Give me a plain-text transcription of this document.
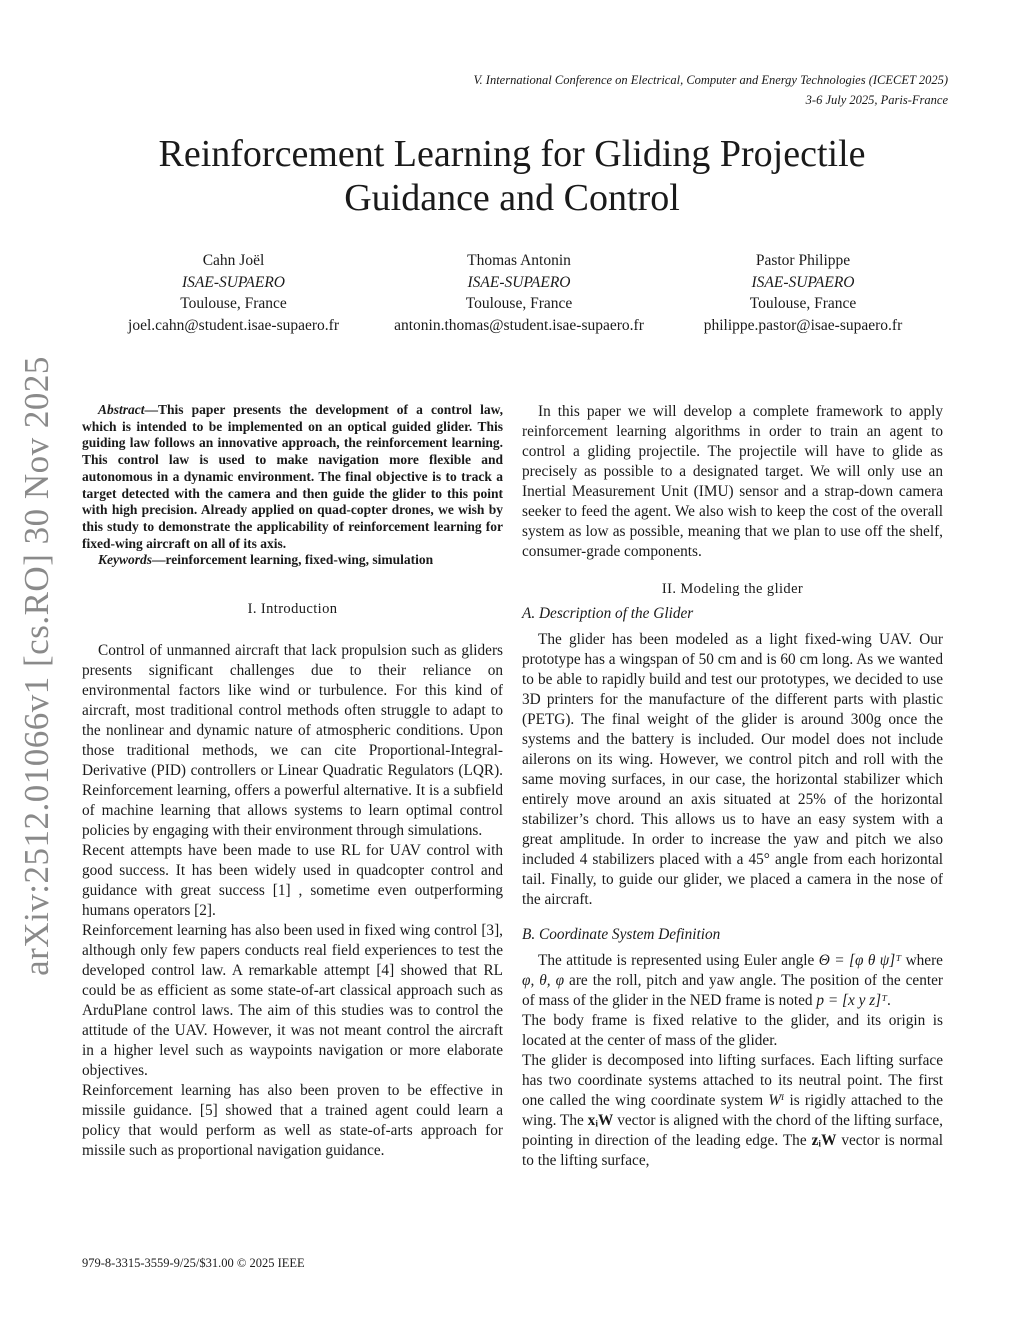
V. International Conference on Electrical, Computer and Energy Technologies (ICECET 2025)
3-6 July 2025, Paris-France
Reinforcement Learning for Gliding Projectile
Guidance and Control
Cahn Joël
ISAE-SUPAERO
Toulouse, France
joel.cahn@student.isae-supaero.fr
Thomas Antonin
ISAE-SUPAERO
Toulouse, France
antonin.thomas@student.isae-supaero.fr
Pastor Philippe
ISAE-SUPAERO
Toulouse, France
philippe.pastor@isae-supaero.fr
arXiv:2512.01066v1 [cs.RO] 30 Nov 2025	Abstract—This paper presents the development of a control law, which is intended to be implemented on an optical guided glider. This guiding law follows an innovative approach, the reinforcement learning. This control law is used to make navigation more flexible and autonomous in a dynamic environment. The final objective is to track a target detected with the camera and then guide the glider to this point with high precision. Already applied on quad-copter drones, we wish by this study to demonstrate the applicability of reinforcement learning for fixed-wing aircraft on all of its axis.

Keywords—reinforcement learning, fixed-wing, simulation

I. Introduction

Control of unmanned aircraft that lack propulsion such as gliders presents significant challenges due to their reliance on environmental factors like wind or turbulence. For this kind of aircraft, most traditional control methods often struggle to adapt to the nonlinear and dynamic nature of atmospheric conditions. Upon those traditional methods, we can cite Proportional-Integral-Derivative (PID) controllers or Linear Quadratic Regulators (LQR). Reinforcement learning, offers a powerful alternative. It is a subfield of machine learning that allows systems to learn optimal control policies by engaging with their environment through simulations.

Recent attempts have been made to use RL for UAV control with good success. It has been widely used in quadcopter control and guidance with great success [1] , sometime even outperforming humans operators [2].

Reinforcement learning has also been used in fixed wing control [3], although only few papers conducts real field experiences to test the developed control law. A remarkable attempt [4] showed that RL could be as efficient as some state-of-art classical approach such as ArduPlane control laws. The aim of this studies was to control the attitude of the UAV. However, it was not meant control the aircraft in a higher level such as waypoints navigation or more elaborate objectives.

Reinforcement learning has also been proven to be effective in missile guidance. [5] showed that a trained agent could learn a policy that would perform as well as state-of-arts approach for missile such as proportional navigation guidance.

In this paper we will develop a complete framework to apply reinforcement learning algorithms in order to train an agent to control a gliding projectile. The projectile will have to glide as precisely as possible to a designated target. We will only use an Inertial Measurement Unit (IMU) sensor and a strap-down camera seeker to feed the agent. We also wish to keep the cost of the overall system as low as possible, meaning that we plan to use off the shelf, consumer-grade components.

II. Modeling the glider
A. Description of the Glider

The glider has been modeled as a light fixed-wing UAV. Our prototype has a wingspan of 50 cm and is 60 cm long. As we wanted to be able to rapidly build and test our prototypes, we decided to use 3D printers for the manufacture of the different parts with plastic (PETG). The final weight of the glider is around 300g once the systems and the battery is included. Our model does not include ailerons on its wing. However, we control pitch and roll with the same moving surfaces, in our case, the horizontal stabilizer which entirely move around an axis situated at 25% of the horizontal stabilizer’s chord. This allows us to have an easy system with a great amplitude. In order to increase the yaw and pitch we also included 4 stabilizers placed with a 45° angle from each horizontal tail. Finally, to guide our glider, we placed a camera in the nose of the aircraft.

B. Coordinate System Definition

The attitude is represented using Euler angle Θ = [φ θ ψ]ᵀ where φ, θ, φ are the roll, pitch and yaw angle. The position of the center of mass of the glider in the NED frame is noted p = [x y z]ᵀ.

The body frame is fixed relative to the glider, and its origin is located at the center of mass of the glider.

The glider is decomposed into lifting surfaces. Each lifting surface has two coordinate systems attached to its neutral point. The first one called the wing coordinate system Wⁱ is rigidly attached to the wing. The xᵢW vector is aligned with the chord of the lifting surface, pointing in direction of the leading edge. The zᵢW vector is normal to the lifting surface,

979-8-3315-3559-9/25/$31.00 © 2025 IEEE
